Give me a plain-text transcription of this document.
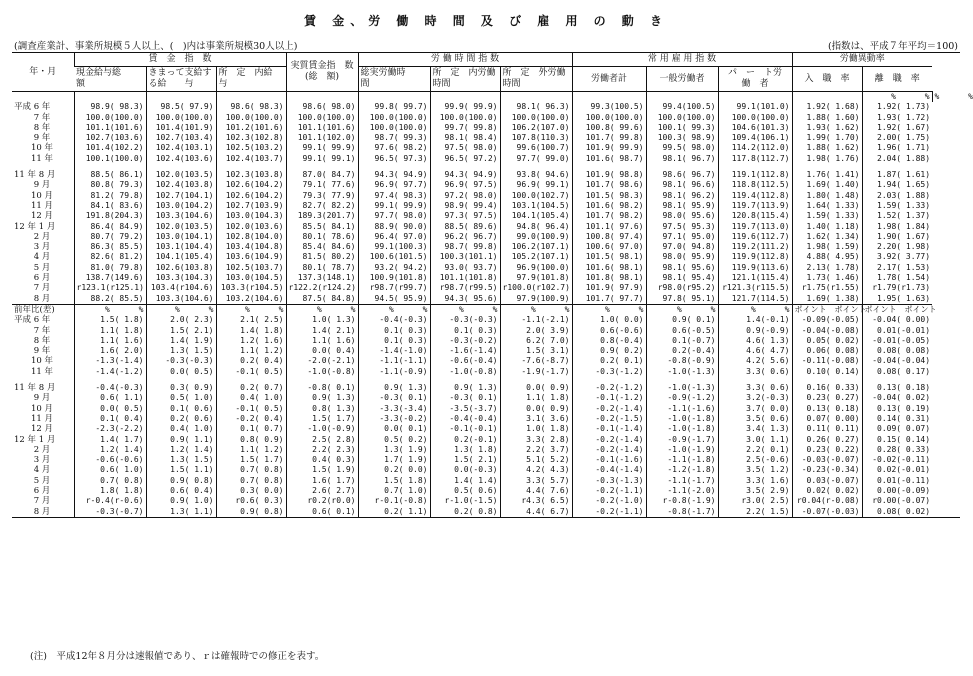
賃 金、労 働 時 間 及 び 雇 用 の 動 き
(調査産業計、事業所規模５人以上、(　)内は事業所規模30人以上)	(指数は、平成７年平均＝100)
年・月	賃　金　指　数			実質賃金指　数(総　額)	労 働 時 間 指 数			常 用 雇 用 指 数			労働異動率		
	現金給与総　　額	きまって支給する給　　与	所　定　内給　　　与		総実労働時　　間	所　定　内労働時間	所　定　外労働時間	労働者計	一般労働者	パ　ー　ト労　働　者	入　職　率	離　職　率	

												%　　　 %	%　　　 %
平成 6 年	98.9( 98.3)	98.5( 97.9)	98.6( 98.3)	98.6( 98.0)	99.8( 99.7)	99.9( 99.9)	98.1( 96.3)	99.3(100.5)	99.4(100.5)	99.1(101.0)	1.92( 1.68)	1.92( 1.73)	
　　 7 年	100.0(100.0)	100.0(100.0)	100.0(100.0)	100.0(100.0)	100.0(100.0)	100.0(100.0)	100.0(100.0)	100.0(100.0)	100.0(100.0)	100.0(100.0)	1.88( 1.60)	1.93( 1.72)	
　　 8 年	101.1(101.6)	101.4(101.9)	101.2(101.6)	101.1(101.6)	100.0(100.0)	99.7( 99.8)	106.2(107.0)	100.8( 99.6)	100.1( 99.3)	104.6(101.3)	1.93( 1.62)	1.92( 1.67)	
　　 9 年	102.7(103.6)	102.7(103.4)	102.3(102.8)	101.1(102.0)	98.7( 99.3)	98.1( 98.4)	107.8(110.3)	101.7( 99.8)	100.3( 98.9)	109.4(106.1)	1.99( 1.70)	2.00( 1.75)	
　　10 年	101.4(102.2)	102.4(103.1)	102.5(103.2)	99.1( 99.9)	97.6( 98.2)	97.5( 98.0)	99.6(100.7)	101.9( 99.9)	99.5( 98.0)	114.2(112.0)	1.88( 1.62)	1.96( 1.71)	
　　11 年	100.1(100.0)	102.4(103.6)	102.4(103.7)	99.1( 99.1)	96.5( 97.3)	96.5( 97.2)	97.7( 99.0)	101.6( 98.7)	98.1( 96.7)	117.8(112.7)	1.98( 1.76)	2.04( 1.88)	

11 年 8 月	88.5( 86.1)	102.0(103.5)	102.3(103.8)	87.0( 84.7)	94.3( 94.9)	94.3( 94.9)	93.8( 94.6)	101.9( 98.8)	98.6( 96.7)	119.1(112.8)	1.76( 1.41)	1.87( 1.61)	
　　 9 月	80.8( 79.3)	102.4(103.8)	102.6(104.2)	79.1( 77.6)	96.9( 97.7)	96.9( 97.5)	96.9( 99.1)	101.7( 98.6)	98.1( 96.6)	118.8(112.5)	1.69( 1.40)	1.94( 1.65)	
　　10 月	81.2( 79.8)	102.7(104.1)	102.6(104.2)	79.3( 77.9)	97.4( 98.3)	97.2( 98.0)	100.0(102.7)	101.5( 98.3)	98.1( 96.2)	119.4(112.8)	1.80( 1.48)	2.03( 1.88)	
　　11 月	84.1( 83.6)	103.0(104.2)	102.7(103.9)	82.7( 82.2)	99.1( 99.9)	98.9( 99.4)	103.1(104.5)	101.6( 98.2)	98.1( 95.9)	119.7(113.9)	1.64( 1.33)	1.59( 1.33)	
　　12 月	191.8(204.3)	103.3(104.6)	103.0(104.3)	189.3(201.7)	97.7( 98.0)	97.3( 97.5)	104.1(105.4)	101.7( 98.2)	98.0( 95.6)	120.8(115.4)	1.59( 1.33)	1.52( 1.37)	
12 年 1 月	86.4( 84.9)	102.0(103.5)	102.0(103.6)	85.5( 84.1)	88.9( 90.0)	88.5( 89.6)	94.8( 96.4)	101.1( 97.6)	97.5( 95.3)	119.7(113.0)	1.40( 1.18)	1.98( 1.84)	
　　 2 月	80.7( 79.2)	103.0(104.1)	102.8(104.0)	80.1( 78.6)	96.4( 97.0)	96.2( 96.7)	99.0(100.9)	100.8( 97.4)	97.1( 95.0)	119.6(112.7)	1.62( 1.34)	1.90( 1.67)	
　　 3 月	86.3( 85.5)	103.1(104.4)	103.4(104.8)	85.4( 84.6)	99.1(100.3)	98.7( 99.8)	106.2(107.1)	100.6( 97.0)	97.0( 94.8)	119.2(111.2)	1.98( 1.59)	2.20( 1.98)	
　　 4 月	82.6( 81.2)	104.1(105.4)	103.6(104.9)	81.5( 80.2)	100.6(101.5)	100.3(101.1)	105.2(107.1)	101.5( 98.1)	98.0( 95.9)	119.9(112.8)	4.88( 4.95)	3.92( 3.77)	
　　 5 月	81.0( 79.8)	102.6(103.8)	102.5(103.7)	80.1( 78.7)	93.2( 94.2)	93.0( 93.7)	96.9(100.0)	101.6( 98.1)	98.1( 95.6)	119.9(113.6)	2.13( 1.78)	2.17( 1.53)	
　　 6 月	138.7(149.6)	103.3(104.3)	103.0(104.5)	137.3(148.1)	100.9(101.8)	101.1(101.8)	97.9(101.8)	101.8( 98.1)	98.1( 95.4)	121.1(115.4)	1.73( 1.46)	1.78( 1.54)	
　　 7 月	r123.1(r125.1)	103.4(r104.6)	103.3(r104.5)	r122.2(r124.2)	r98.7(r99.7)	r98.7(r99.5)	r100.0(r102.7)	101.9( 97.9)	r98.0(r95.2)	r121.3(r115.5)	r1.75(r1.55)	r1.79(r1.73)	
　　 8 月	88.2( 85.5)	103.3(104.6)	103.2(104.6)	87.5( 84.8)	94.5( 95.9)	94.3( 95.6)	97.9(100.9)	101.7( 97.7)	97.8( 95.1)	121.7(114.5)	1.69( 1.38)	1.95( 1.63)	
前年比(差)	%　　　 %	%　　　 %	%　　　 %	%　　　 %	%　　　 %	%　　　 %	%　　　 %	%　　　 %	%　　　 %	%　　　 %	ポイント　ポイント	ポイント　ポイント	
平成 6 年	1.5( 1.8)	2.0( 2.3)	2.1( 2.5)	1.0( 1.3)	-0.4(-0.3)	-0.3(-0.3)	-1.1(-2.1)	1.0( 0.0)	0.9( 0.1)	1.4(-0.1)	-0.09(-0.05)	-0.04( 0.00)	
　　 7 年	1.1( 1.8)	1.5( 2.1)	1.4( 1.8)	1.4( 2.1)	0.1( 0.3)	0.1( 0.3)	2.0( 3.9)	0.6(-0.6)	0.6(-0.5)	0.9(-0.9)	-0.04(-0.08)	0.01(-0.01)	
　　 8 年	1.1( 1.6)	1.4( 1.9)	1.2( 1.6)	1.1( 1.6)	0.1( 0.3)	-0.3(-0.2)	6.2( 7.0)	0.8(-0.4)	0.1(-0.7)	4.6( 1.3)	0.05( 0.02)	-0.01(-0.05)	
　　 9 年	1.6( 2.0)	1.3( 1.5)	1.1( 1.2)	0.0( 0.4)	-1.4(-1.0)	-1.6(-1.4)	1.5( 3.1)	0.9( 0.2)	0.2(-0.4)	4.6( 4.7)	0.06( 0.08)	0.08( 0.08)	
　　10 年	-1.3(-1.4)	-0.3(-0.3)	0.2( 0.4)	-2.0(-2.1)	-1.1(-1.1)	-0.6(-0.4)	-7.6(-8.7)	0.2( 0.1)	-0.8(-0.9)	4.2( 5.6)	-0.11(-0.08)	-0.04(-0.04)	
　　11 年	-1.4(-1.2)	0.0( 0.5)	-0.1( 0.5)	-1.0(-0.8)	-1.1(-0.9)	-1.0(-0.8)	-1.9(-1.7)	-0.3(-1.2)	-1.0(-1.3)	3.3( 0.6)	0.10( 0.14)	0.08( 0.17)	

11 年 8 月	-0.4(-0.3)	0.3( 0.9)	0.2( 0.7)	-0.8( 0.1)	0.9( 1.3)	0.9( 1.3)	0.0( 0.9)	-0.2(-1.2)	-1.0(-1.3)	3.3( 0.6)	0.16( 0.33)	0.13( 0.18)	
　　 9 月	0.6( 1.1)	0.5( 1.0)	0.4( 1.0)	0.9( 1.3)	-0.3( 0.1)	-0.3( 0.1)	1.1( 1.8)	-0.1(-1.2)	-0.9(-1.2)	3.2(-0.3)	0.23( 0.27)	-0.04( 0.02)	
　　10 月	0.0( 0.5)	0.1( 0.6)	-0.1( 0.5)	0.8( 1.3)	-3.3(-3.4)	-3.5(-3.7)	0.0( 0.9)	-0.2(-1.4)	-1.1(-1.6)	3.7( 0.0)	0.13( 0.18)	0.13( 0.19)	
　　11 月	0.1( 0.4)	0.2( 0.6)	-0.2( 0.4)	1.5( 1.7)	-3.3(-0.2)	-0.4(-0.4)	3.1( 3.6)	-0.2(-1.5)	-1.0(-1.8)	3.5( 0.6)	0.07( 0.00)	0.14( 0.31)	
　　12 月	-2.3(-2.2)	0.4( 1.0)	0.1( 0.7)	-1.0(-0.9)	0.0( 0.1)	-0.1(-0.1)	1.0( 1.8)	-0.1(-1.4)	-1.0(-1.8)	3.4( 1.3)	0.11( 0.11)	0.09( 0.07)	
12 年 1 月	1.4( 1.7)	0.9( 1.1)	0.8( 0.9)	2.5( 2.8)	0.5( 0.2)	0.2(-0.1)	3.3( 2.8)	-0.2(-1.4)	-0.9(-1.7)	3.0( 1.1)	0.26( 0.27)	0.15( 0.14)	
　　 2 月	1.2( 1.4)	1.2( 1.4)	1.1( 1.2)	2.2( 2.3)	1.3( 1.9)	1.3( 1.8)	2.2( 3.7)	-0.2(-1.4)	-1.0(-1.9)	2.2( 0.1)	0.23( 0.22)	0.28( 0.33)	
　　 3 月	-0.6(-0.6)	1.3( 1.5)	1.5( 1.7)	0.4( 0.3)	1.7( 1.9)	1.5( 2.1)	5.1( 5.2)	-0.1(-1.6)	-1.1(-1.8)	2.5(-0.6)	-0.03(-0.07)	-0.02(-0.11)	
　　 4 月	0.6( 1.0)	1.5( 1.1)	0.7( 0.8)	1.5( 1.9)	0.2( 0.0)	0.0(-0.3)	4.2( 4.3)	-0.4(-1.4)	-1.2(-1.8)	3.5( 1.2)	-0.23(-0.34)	0.02(-0.01)	
　　 5 月	0.7( 0.8)	0.9( 0.8)	0.7( 0.8)	1.6( 1.7)	1.5( 1.8)	1.4( 1.4)	3.3( 5.7)	-0.3(-1.3)	-1.1(-1.7)	3.3( 1.6)	0.03(-0.07)	0.01(-0.11)	
　　 6 月	1.8( 1.8)	0.6( 0.4)	0.3( 0.0)	2.6( 2.7)	0.7( 1.0)	0.5( 0.6)	4.4( 7.6)	-0.2(-1.1)	-1.1(-2.0)	3.5( 2.9)	0.02( 0.02)	0.00(-0.09)	
　　 7 月	r-0.4(r-0.6)	0.9( 1.0)	r0.6( 0.3)	r0.2(r0.0)	r-0.1(-0.8)	r-1.0(-1.5)	r4.3( 6.5)	-0.2(-1.0)	r-0.8(-1.9)	r3.0( 2.5)	r0.04(r-0.08)	r0.00(-0.07)	
　　 8 月	-0.3(-0.7)	1.3( 1.1)	0.9( 0.8)	0.6( 0.1)	0.2( 1.1)	0.2( 0.8)	4.4( 6.7)	-0.2(-1.1)	-0.8(-1.7)	2.2( 1.5)	-0.07(-0.03)	0.08( 0.02)	
(注)　平成12年８月分は速報値であり、ｒは確報時での修正を表す。
